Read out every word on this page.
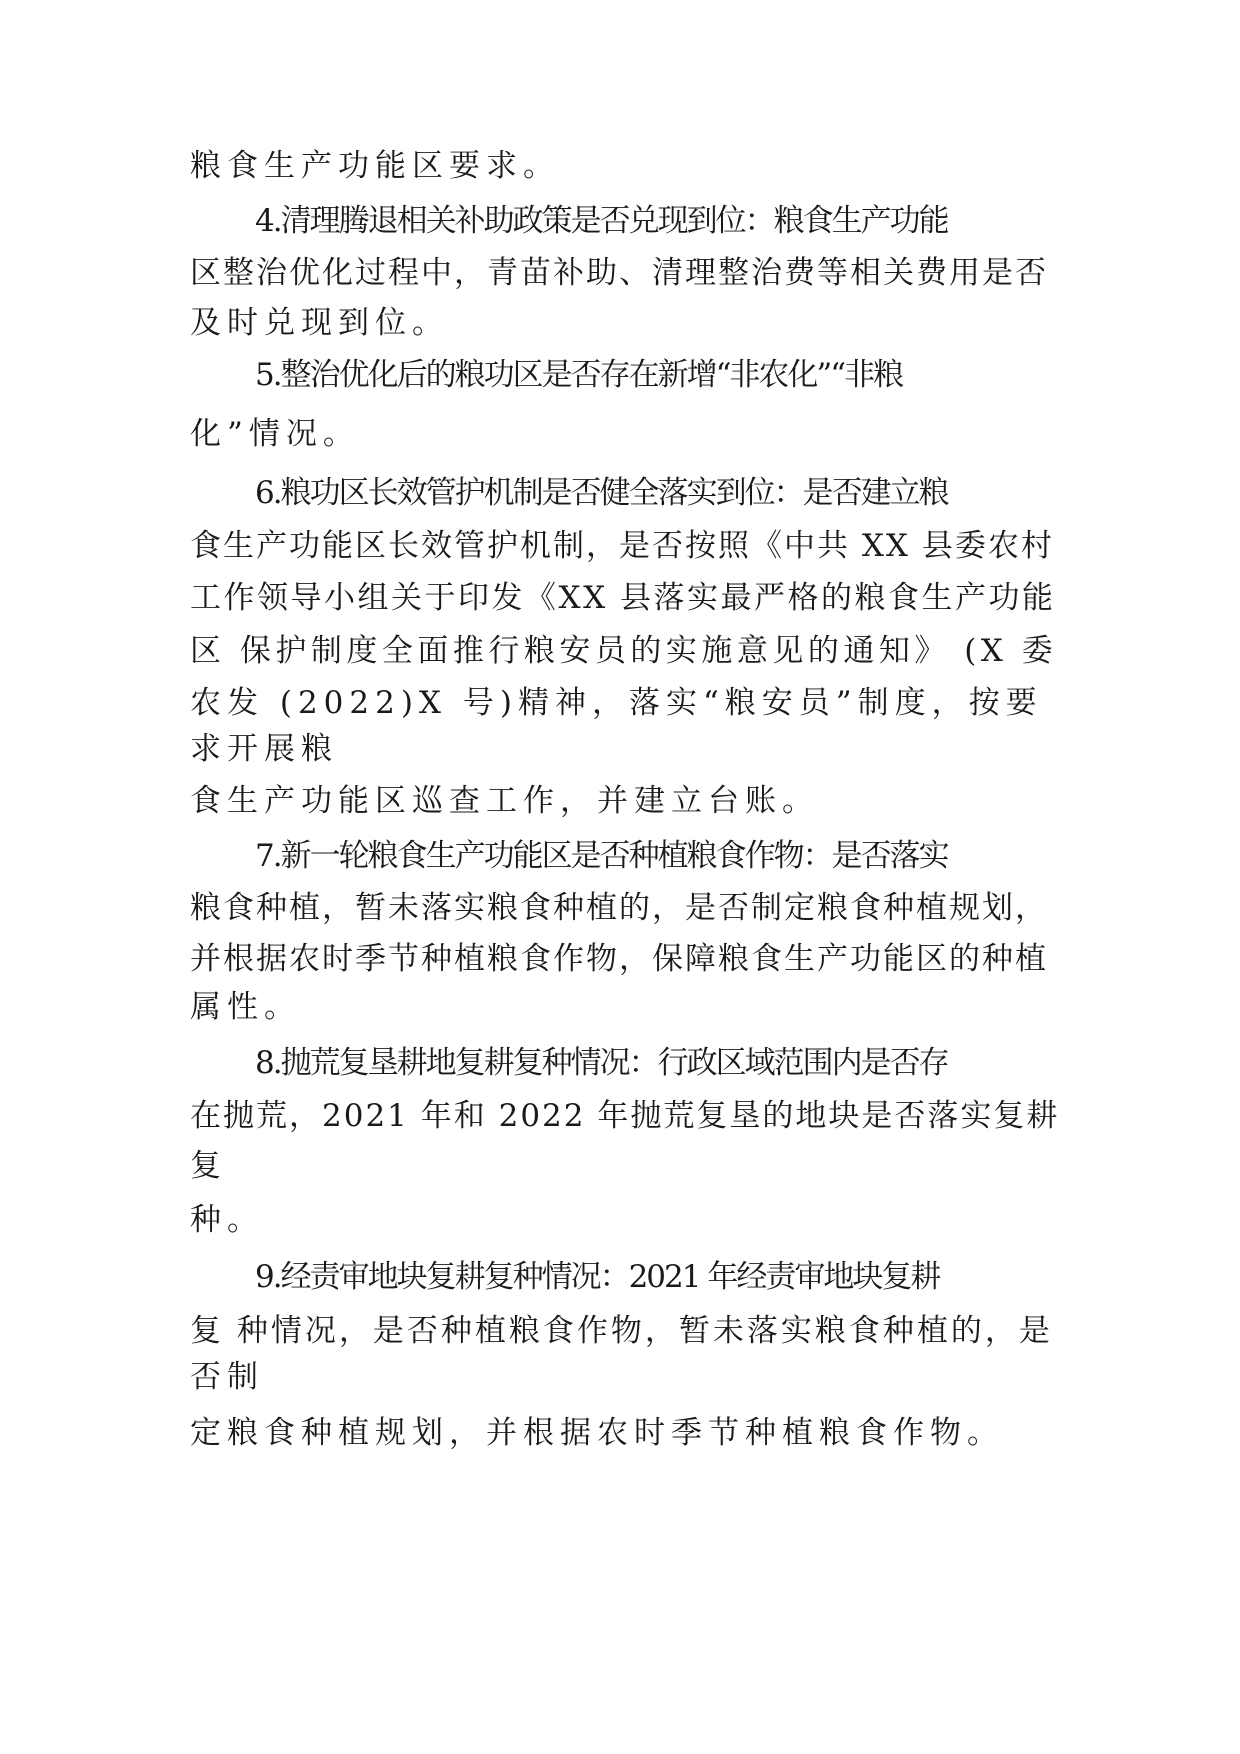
粮食生产功能区要求。
4.清理腾退相关补助政策是否兑现到位：粮食生产功能
区整治优化过程中，青苗补助、清理整治费等相关费用是否
及时兑现到位。
5.整治优化后的粮功区是否存在新增“非农化”“非粮
化”情况。
6.粮功区长效管护机制是否健全落实到位：是否建立粮
食生产功能区长效管护机制，是否按照《中共 XX 县委农村
工作领导小组关于印发《XX 县落实最严格的粮食生产功能
区 保护制度全面推行粮安员的实施意见的通知》 (X 委
农发 (2022)X 号)精神，落实“粮安员”制度，按要
求开展粮
食生产功能区巡查工作，并建立台账。
7.新一轮粮食生产功能区是否种植粮食作物：是否落实
粮食种植，暂未落实粮食种植的，是否制定粮食种植规划，
并根据农时季节种植粮食作物，保障粮食生产功能区的种植
属性。
8.抛荒复垦耕地复耕复种情况：行政区域范围内是否存
在抛荒，2021 年和 2022 年抛荒复垦的地块是否落实复耕
复
种。
9.经责审地块复耕复种情况：2021 年经责审地块复耕
复 种情况，是否种植粮食作物，暂未落实粮食种植的，是
否制
定粮食种植规划，并根据农时季节种植粮食作物。
